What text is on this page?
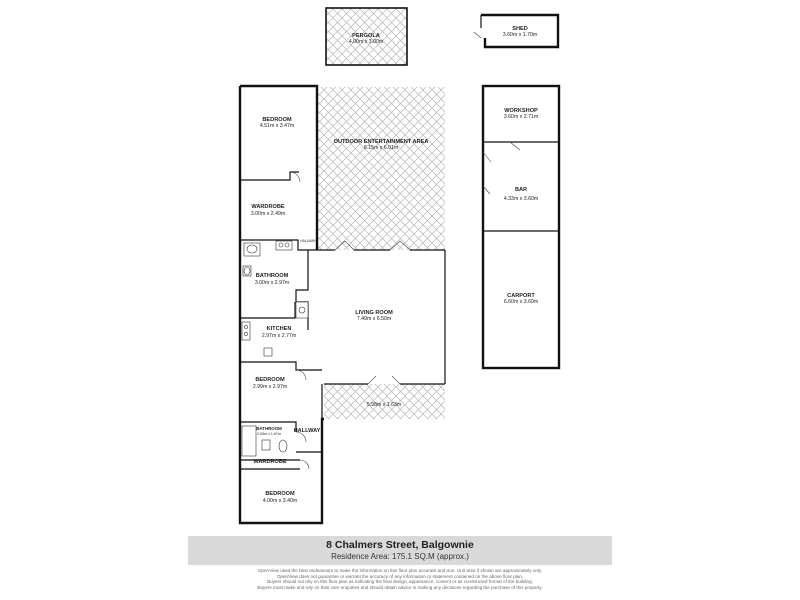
PERGOLA
4.00m x 3.00m
SHED
3.60m x 1.70m
BEDROOM
4.51m x 3.47m
OUTDOOR ENTERTAINMENT AREA
6.15m x 6.01m
WORKSHOP
3.60m x 2.71m
BAR
4.33m x 3.60m
WARDROBE
3.00m x 2.49m
HALLWAY
BATHROOM
3.00m x 2.97m
CARPORT
6.60m x 3.60m
LIVING ROOM
7.49m x 6.50m
KITCHEN
2.97m x 2.77m
BEDROOM
2.99m x 2.97m
5.98m x 1.63m
BATHROOM
2.09m x 1.67m HALLWAY
WARDROBE
BEDROOM
4.00m x 3.40m
8 Chalmers Street, Balgownie
Residence Area: 175.1 SQ.M (approx.)
OpenView used the best endeavours to make the information on this floor plan accurate and true. Unit area if shown are approximately only.
OpenView does not guarantee or warrant the accuracy of any information or statement contained on the above floor plan.
Buyers should not rely on this floor plan as indicating the final design, appearance, content or as constructed format of the building.
Buyers must make and rely on their own enquiries and should obtain advice in making any decisions regarding the purchase of this property.
